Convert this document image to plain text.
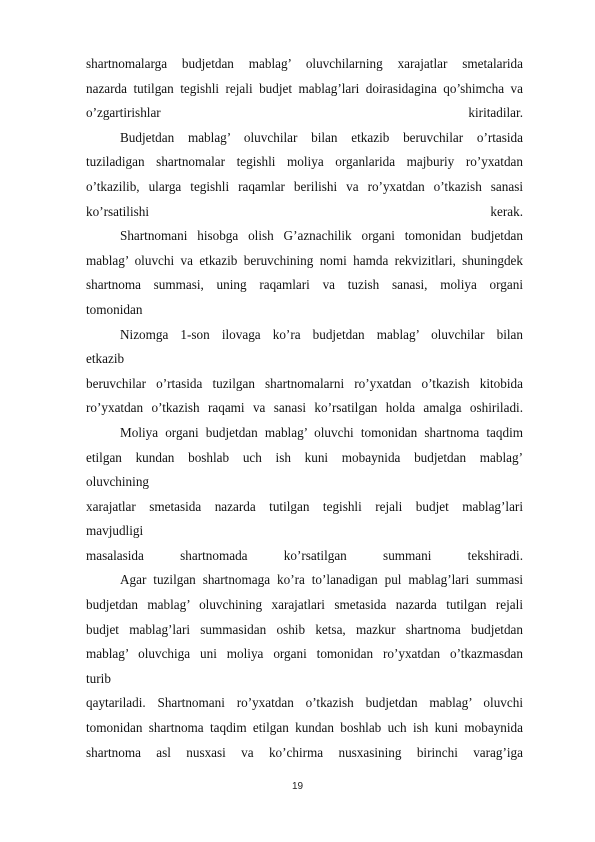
shartnomalarga budjetdan mablag’ oluvchilarning xarajatlar smetalarida
nazarda tutilgan tegishli rejali budjet mablag’lari doirasidagina qo’shimcha va
o’zgartirishlar kiritadilar.
Budjetdan mablag’ oluvchilar bilan etkazib beruvchilar o’rtasida
tuziladigan shartnomalar tegishli moliya organlarida majburiy ro’yxatdan
o’tkazilib, ularga tegishli raqamlar berilishi va ro’yxatdan o’tkazish sanasi
ko’rsatilishi kerak.
Shartnomani hisobga olish G’aznachilik organi tomonidan budjetdan
mablag’ oluvchi va etkazib beruvchining nomi hamda rekvizitlari, shuningdek
shartnoma summasi, uning raqamlari va tuzish sanasi, moliya organi
tomonidan
Nizomga 1-son ilovaga ko’ra budjetdan mablag’ oluvchilar bilan
etkazib
beruvchilar o’rtasida tuzilgan shartnomalarni ro’yxatdan o’tkazish kitobida
ro’yxatdan o’tkazish raqami va sanasi ko’rsatilgan holda amalga oshiriladi.
Moliya organi budjetdan mablag’ oluvchi tomonidan shartnoma taqdim
etilgan kundan boshlab uch ish kuni mobaynida budjetdan mablag’
oluvchining
xarajatlar smetasida nazarda tutilgan tegishli rejali budjet mablag’lari
mavjudligi
masalasida shartnomada ko’rsatilgan summani tekshiradi.
Agar tuzilgan shartnomaga ko’ra to’lanadigan pul mablag’lari summasi
budjetdan mablag’ oluvchining xarajatlari smetasida nazarda tutilgan rejali
budjet mablag’lari summasidan oshib ketsa, mazkur shartnoma budjetdan
mablag’ oluvchiga uni moliya organi tomonidan ro’yxatdan o’tkazmasdan
turib
qaytariladi. Shartnomani ro’yxatdan o’tkazish budjetdan mablag’ oluvchi
tomonidan shartnoma taqdim etilgan kundan boshlab uch ish kuni mobaynida
shartnoma asl nusxasi va ko’chirma nusxasining birinchi varag’iga
19
